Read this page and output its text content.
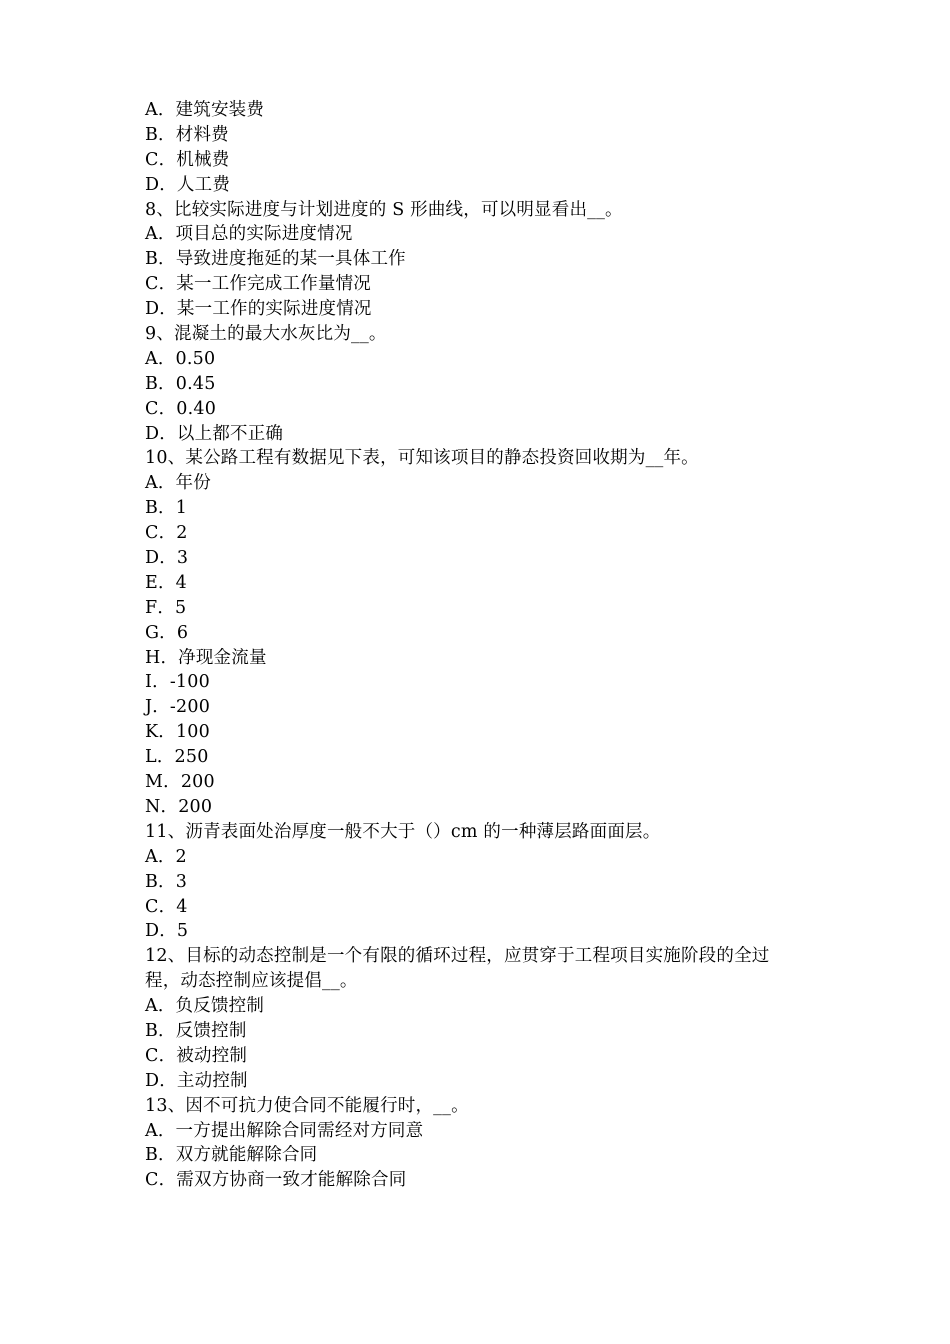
A．建筑安装费
B．材料费
C．机械费
D．人工费
8、比较实际进度与计划进度的 S 形曲线，可以明显看出__。
A．项目总的实际进度情况
B．导致进度拖延的某一具体工作
C．某一工作完成工作量情况
D．某一工作的实际进度情况
9、混凝土的最大水灰比为__。
A．0.50
B．0.45
C．0.40
D．以上都不正确
10、某公路工程有数据见下表，可知该项目的静态投资回收期为__年。
A．年份
B．1
C．2
D．3
E．4
F．5
G．6
H．净现金流量
I．-100
J．-200
K．100
L．250
M．200
N．200
11、沥青表面处治厚度一般不大于（）cm 的一种薄层路面面层。
A．2
B．3
C．4
D．5
12、目标的动态控制是一个有限的循环过程，应贯穿于工程项目实施阶段的全过
程，动态控制应该提倡__。
A．负反馈控制
B．反馈控制
C．被动控制
D．主动控制
13、因不可抗力使合同不能履行时，__。
A．一方提出解除合同需经对方同意
B．双方就能解除合同
C．需双方协商一致才能解除合同
